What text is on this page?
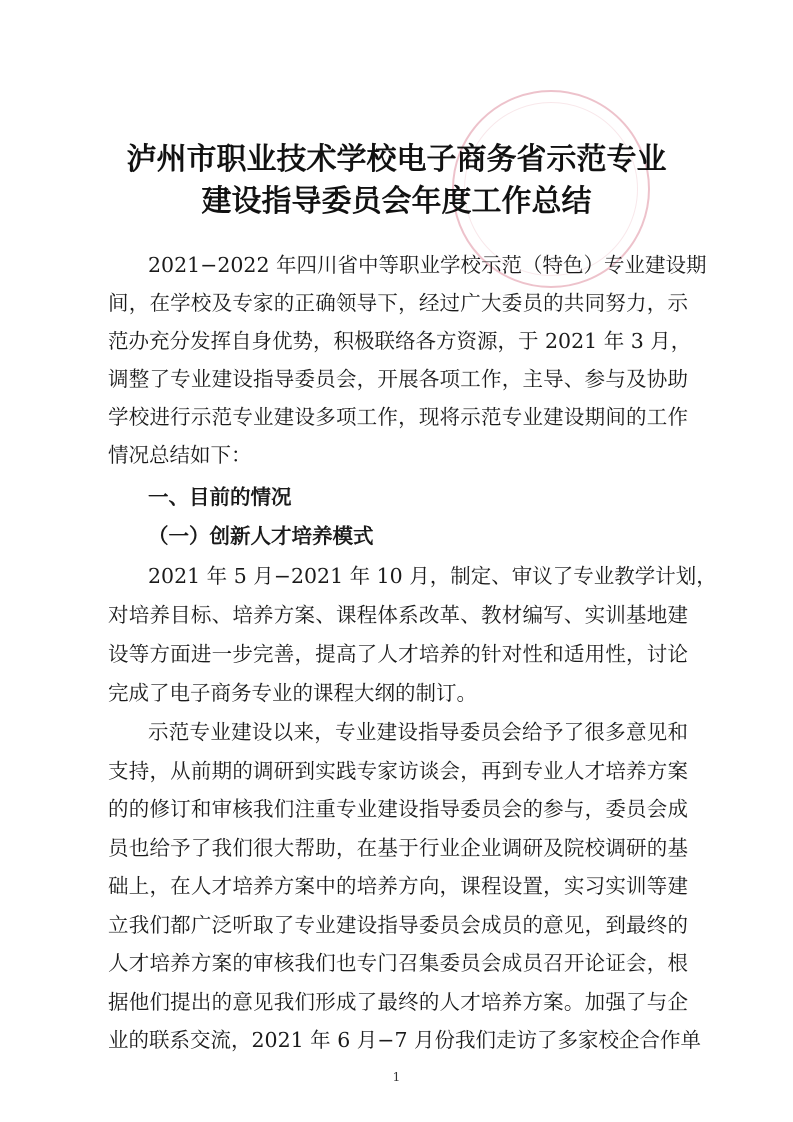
泸州市职业技术学校电子商务省示范专业
建设指导委员会年度工作总结
2021−2022 年四川省中等职业学校示范（特色）专业建设期
间，在学校及专家的正确领导下，经过广大委员的共同努力，示
范办充分发挥自身优势，积极联络各方资源，于 2021 年 3 月，
调整了专业建设指导委员会，开展各项工作，主导、参与及协助
学校进行示范专业建设多项工作，现将示范专业建设期间的工作
情况总结如下：
一、目前的情况
（一）创新人才培养模式
2021 年 5 月−2021 年 10 月，制定、审议了专业教学计划，
对培养目标、培养方案、课程体系改革、教材编写、实训基地建
设等方面进一步完善，提高了人才培养的针对性和适用性，讨论
完成了电子商务专业的课程大纲的制订。
示范专业建设以来，专业建设指导委员会给予了很多意见和
支持，从前期的调研到实践专家访谈会，再到专业人才培养方案
的的修订和审核我们注重专业建设指导委员会的参与，委员会成
员也给予了我们很大帮助，在基于行业企业调研及院校调研的基
础上，在人才培养方案中的培养方向，课程设置，实习实训等建
立我们都广泛听取了专业建设指导委员会成员的意见，到最终的
1
人才培养方案的审核我们也专门召集委员会成员召开论证会，根
据他们提出的意见我们形成了最终的人才培养方案。加强了与企
业的联系交流，2021 年 6 月−7 月份我们走访了多家校企合作单
